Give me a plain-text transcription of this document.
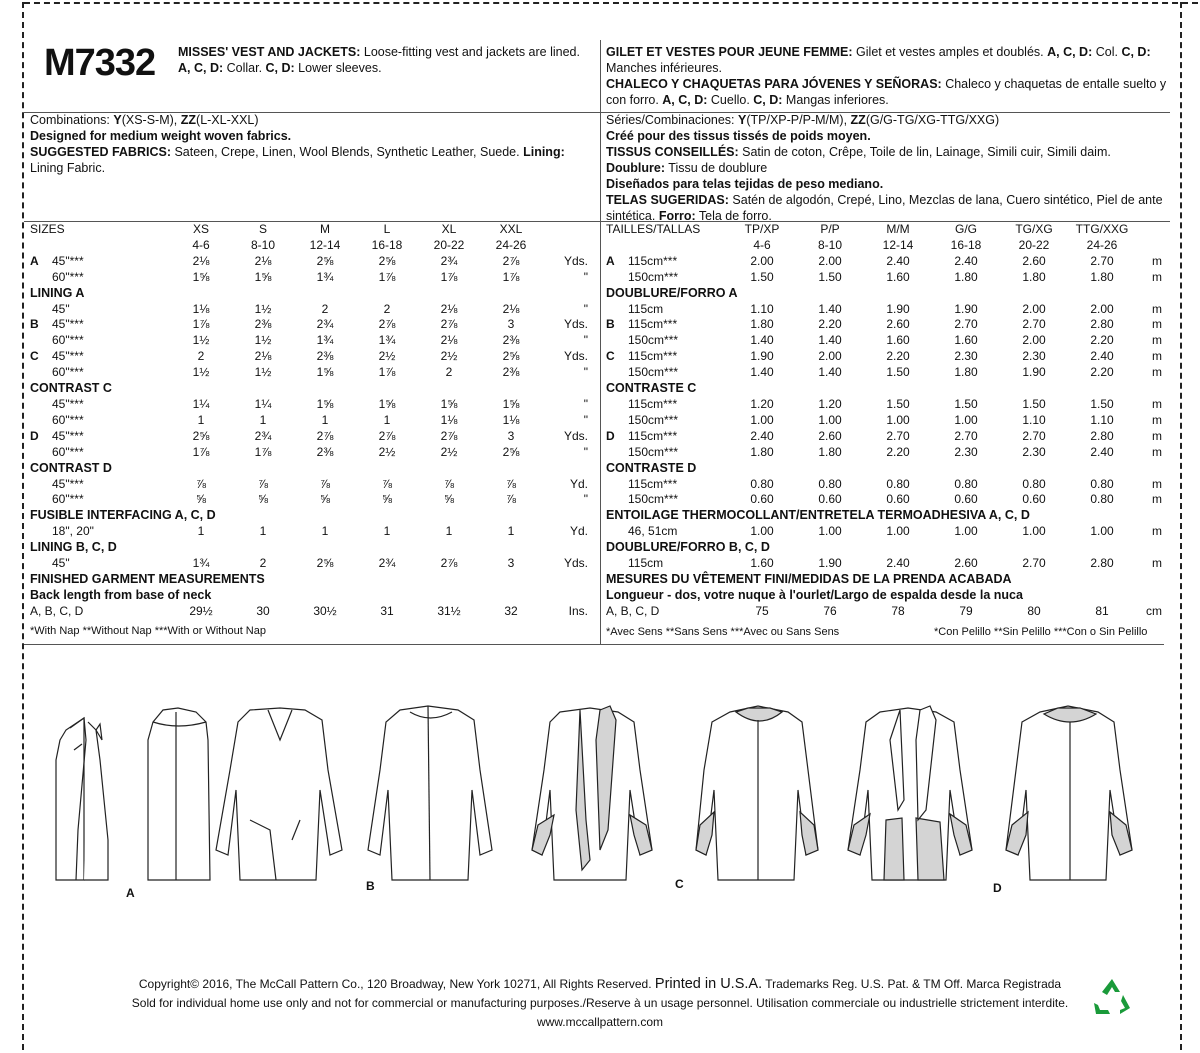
M7332 MISSES' VEST AND JACKETS: Loose-fitting vest and jackets are lined. A, C, D: Collar. C, D: Lower sleeves.
Combinations: Y(XS-S-M), ZZ(L-XL-XXL)
Designed for medium weight woven fabrics.
SUGGESTED FABRICS: Sateen, Crepe, Linen, Wool Blends, Synthetic Leather, Suede. Lining: Lining Fabric.
GILET ET VESTES POUR JEUNE FEMME: Gilet et vestes amples et doublés. A, C, D: Col. C, D: Manches inférieures.
CHALECO Y CHAQUETAS PARA JÓVENES Y SEÑORAS: Chaleco y chaquetas de entalle suelto y con forro. A, C, D: Cuello. C, D: Mangas inferiores.
Séries/Combinaciones: Y(TP/XP-P/P-M/M), ZZ(G/G-TG/XG-TTG/XXG)
Créé pour des tissus tissés de poids moyen.
TISSUS CONSEILLÉS: Satin de coton, Crêpe, Toile de lin, Lainage, Simili cuir, Simili daim.
Doublure: Tissu de doublure
Diseñados para telas tejidas de peso mediano.
TELAS SUGERIDAS: Satén de algodón, Crepé, Lino, Mezclas de lana, Cuero sintético, Piel de ante sintética. Forro: Tela de forro.
SIZES		XS	S	M	L	XL	XXL	
		4-6	8-10	12-14	16-18	20-22	24-26	
A	45"***	2⅛	2⅛	2⅝	2⅝	2¾	2⅞	Yds.
	60"***	1⅝	1⅝	1¾	1⅞	1⅞	1⅞	"
LINING A								
	45"	1⅛	1½	2	2	2⅛	2⅛	"
B	45"***	1⅞	2⅜	2¾	2⅞	2⅞	3	Yds.
	60"***	1½	1½	1¾	1¾	2⅛	2⅜	"
C	45"***	2	2⅛	2⅜	2½	2½	2⅝	Yds.
	60"***	1½	1½	1⅝	1⅞	2	2⅜	"
CONTRAST C								
	45"***	1¼	1¼	1⅝	1⅝	1⅝	1⅝	"
	60"***	1	1	1	1	1⅛	1⅛	"
D	45"***	2⅝	2¾	2⅞	2⅞	2⅞	3	Yds.
	60"***	1⅞	1⅞	2⅜	2½	2½	2⅝	"
CONTRAST D								
	45"***	⅞	⅞	⅞	⅞	⅞	⅞	Yd.
	60"***	⅝	⅝	⅝	⅝	⅝	⅞	"
FUSIBLE INTERFACING A, C, D								
	18", 20"	1	1	1	1	1	1	Yd.
LINING B, C, D								
	45"	1¾	2	2⅝	2¾	2⅞	3	Yds.
FINISHED GARMENT MEASUREMENTS								
Back length from base of neck								
A, B, C, D		29½	30	30½	31	31½	32	Ins.
*With Nap **Without Nap ***With or Without Nap
TAILLES/TALLAS		TP/XP	P/P	M/M	G/G	TG/XG	TTG/XXG	
		4-6	8-10	12-14	16-18	20-22	24-26	
A	115cm***	2.00	2.00	2.40	2.40	2.60	2.70	m
	150cm***	1.50	1.50	1.60	1.80	1.80	1.80	m
DOUBLURE/FORRO A								
	115cm	1.10	1.40	1.90	1.90	2.00	2.00	m
B	115cm***	1.80	2.20	2.60	2.70	2.70	2.80	m
	150cm***	1.40	1.40	1.60	1.60	2.00	2.20	m
C	115cm***	1.90	2.00	2.20	2.30	2.30	2.40	m
	150cm***	1.40	1.40	1.50	1.80	1.90	2.20	m
CONTRASTE C								
	115cm***	1.20	1.20	1.50	1.50	1.50	1.50	m
	150cm***	1.00	1.00	1.00	1.00	1.10	1.10	m
D	115cm***	2.40	2.60	2.70	2.70	2.70	2.80	m
	150cm***	1.80	1.80	2.20	2.30	2.30	2.40	m
CONTRASTE D								
	115cm***	0.80	0.80	0.80	0.80	0.80	0.80	m
	150cm***	0.60	0.60	0.60	0.60	0.60	0.80	m
ENTOILAGE THERMOCOLLANT/ENTRETELA TERMOADHESIVA A, C, D								
	46, 51cm	1.00	1.00	1.00	1.00	1.00	1.00	m
DOUBLURE/FORRO B, C, D								
	115cm	1.60	1.90	2.40	2.60	2.70	2.80	m
MESURES DU VÊTEMENT FINI/MEDIDAS DE LA PRENDA ACABADA								
Longueur - dos, votre nuque à l'ourlet/Largo de espalda desde la nuca								
A, B, C, D		75	76	78	79	80	81	cm
*Avec Sens **Sans Sens ***Avec ou Sans Sens	*Con Pelillo **Sin Pelillo ***Con o Sin Pelillo
A	B	C	D
Copyright© 2016, The McCall Pattern Co., 120 Broadway, New York 10271, All Rights Reserved. Printed in U.S.A. Trademarks Reg. U.S. Pat. & TM Off. Marca Registrada
Sold for individual home use only and not for commercial or manufacturing purposes./Reserve à un usage personnel. Utilisation commerciale ou industrielle strictement interdite.
www.mccallpattern.com
